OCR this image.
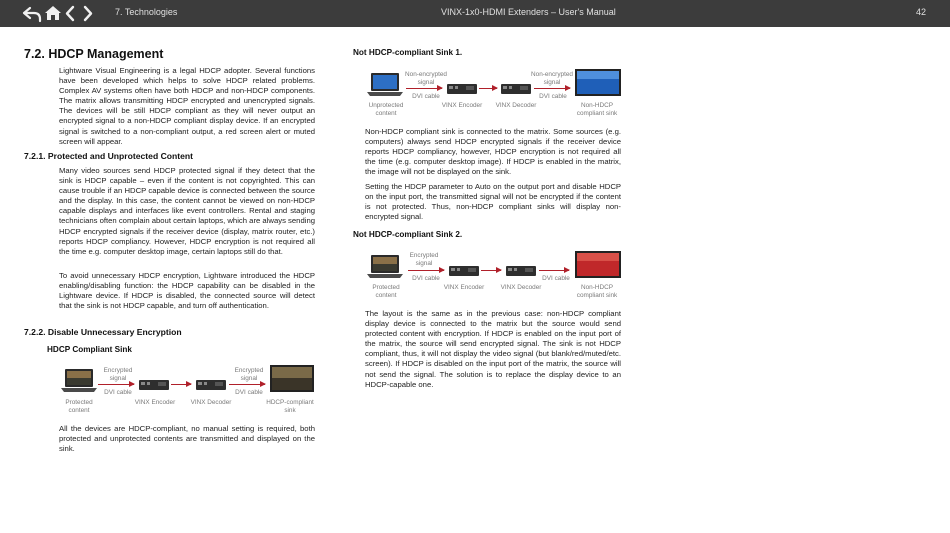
7. Technologies	VINX-1x0-HDMI Extenders – User's Manual	42
7.2. HDCP Management

Lightware Visual Engineering is a legal HDCP adopter. Several functions have been developed which helps to solve HDCP related problems. Complex AV systems often have both HDCP and non-HDCP components. The matrix allows transmitting HDCP encrypted and unencrypted signals. The devices will be still HDCP compliant as they will never output an encrypted signal to a non-HDCP compliant display device. If an encrypted signal is switched to a non-compliant output, a red screen alert or muted screen will appear.

7.2.1. Protected and Unprotected Content

Many video sources send HDCP protected signal if they detect that the sink is HDCP capable – even if the content is not copyrighted. This can cause trouble if an HDCP capable device is connected between the source and the display. In this case, the content cannot be viewed on non-HDCP capable displays and interfaces like event controllers. Rental and staging technicians often complain about certain laptops, which are always sending HDCP encrypted signals if the receiver device (display, matrix router, etc.) reports HDCP compliancy. However, HDCP encryption is not required all the time e.g. computer desktop image, certain laptops still do that.

To avoid unnecessary HDCP encryption, Lightware introduced the HDCP enabling/disabling function: the HDCP capability can be disabled in the Lightware device. If HDCP is disabled, the connected source will detect that the sink is not HDCP capable, and turn off authentication.

7.2.2. Disable Unnecessary Encryption
HDCP Compliant Sink
Encrypted
signal
DVI cable
Encrypted
signal
DVI cable
Protected
content
VINX Encoder	VINX Decoder	HDCP-compliant
sink

All the devices are HDCP-compliant, no manual setting is required, both protected and unprotected contents are transmitted and displayed on the sink.

Not HDCP-compliant Sink 1.
Non-encrypted
signal
DVI cable
Non-encrypted
signal
DVI cable
Unprotected
content
VINX Encoder	VINX Decoder	Non-HDCP
compliant sink

Non-HDCP compliant sink is connected to the matrix. Some sources (e.g. computers) always send HDCP encrypted signals if the receiver device reports HDCP compliancy, however, HDCP encryption is not required all the time (e.g. computer desktop image). If HDCP is enabled in the matrix, the image will not be displayed on the sink.

Setting the HDCP parameter to Auto on the output port and disable HDCP on the input port, the transmitted signal will not be encrypted if the content is not protected. Thus, non-HDCP compliant sinks will display non-encrypted signal.

Not HDCP-compliant Sink 2.
Encrypted
signal
DVI cable	DVI cable
Protected
content
VINX Encoder	VINX Decoder	Non-HDCP
compliant sink

The layout is the same as in the previous case: non-HDCP compliant display device is connected to the matrix but the source would send protected content with encryption. If HDCP is enabled on the input port of the matrix, the source will send encrypted signal. The sink is not HDCP compliant, thus, it will not display the video signal (but blank/red/muted/etc. screen). If HDCP is disabled on the input port of the matrix, the source will not send the signal. The solution is to replace the display device to an HDCP-capable one.
